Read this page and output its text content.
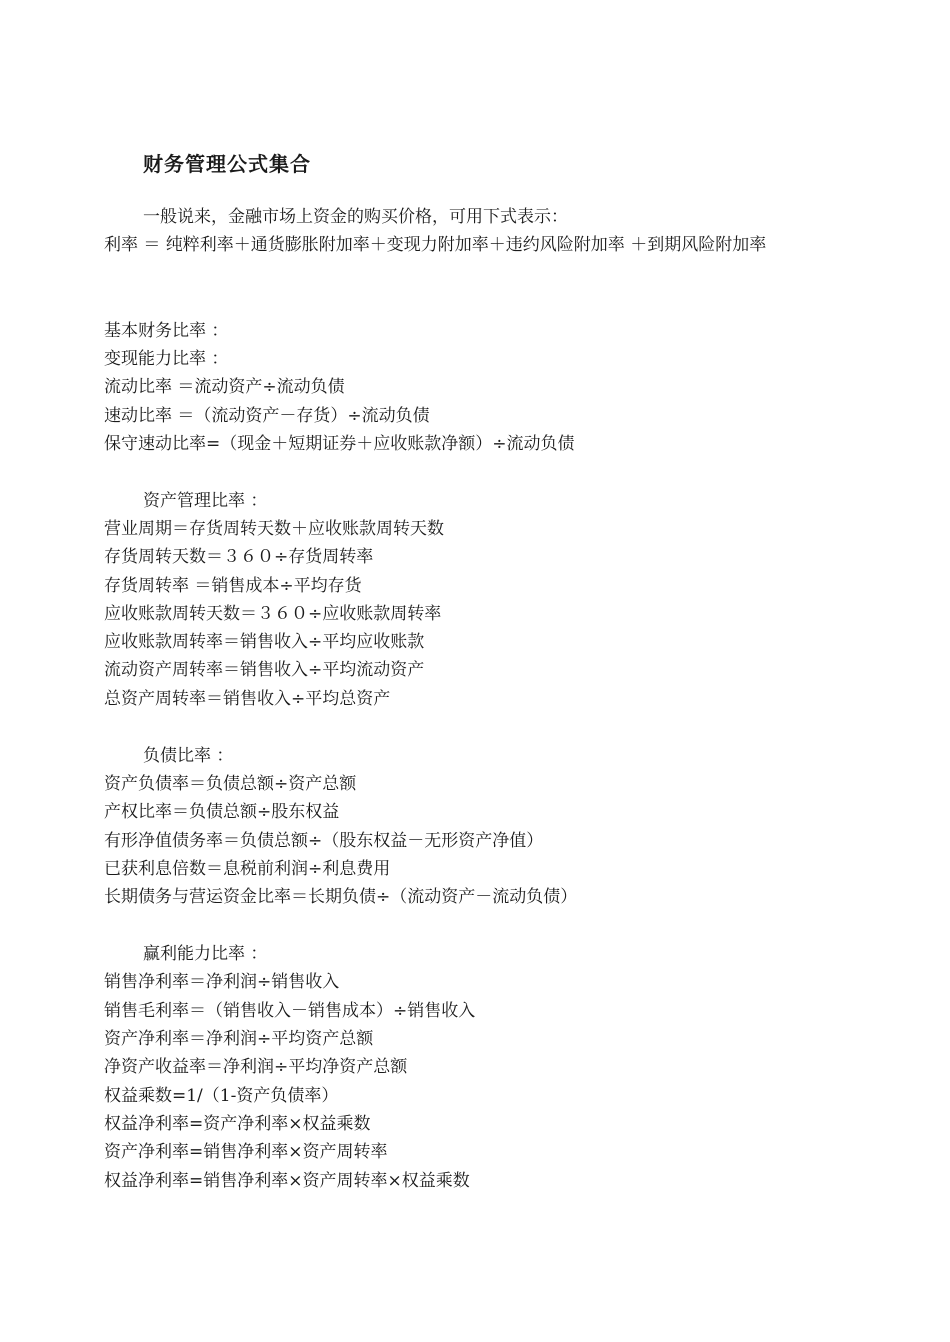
财务管理公式集合
一般说来，金融市场上资金的购买价格，可用下式表示：
利率 ＝ 纯粹利率＋通货膨胀附加率＋变现力附加率＋违约风险附加率 ＋到期风险附加率
基本财务比率 ：
变现能力比率 ：
流动比率 ＝流动资产÷流动负债
速动比率 ＝（流动资产－存货）÷流动负债
保守速动比率=（现金＋短期证券＋应收账款净额）÷流动负债
资产管理比率 ：
营业周期＝存货周转天数＋应收账款周转天数
存货周转天数＝３６０÷存货周转率
存货周转率 ＝销售成本÷平均存货
应收账款周转天数＝３６０÷应收账款周转率
应收账款周转率＝销售收入÷平均应收账款
流动资产周转率＝销售收入÷平均流动资产
总资产周转率＝销售收入÷平均总资产
负债比率 ：
资产负债率＝负债总额÷资产总额
产权比率＝负债总额÷股东权益
有形净值债务率＝负债总额÷（股东权益－无形资产净值）
已获利息倍数＝息税前利润÷利息费用
长期债务与营运资金比率＝长期负债÷（流动资产－流动负债）
赢利能力比率 ：
销售净利率＝净利润÷销售收入
销售毛利率＝（销售收入－销售成本）÷销售收入
资产净利率＝净利润÷平均资产总额
净资产收益率＝净利润÷平均净资产总额
权益乘数=1/（1-资产负债率）
权益净利率=资产净利率×权益乘数
资产净利率=销售净利率×资产周转率
权益净利率=销售净利率×资产周转率×权益乘数
